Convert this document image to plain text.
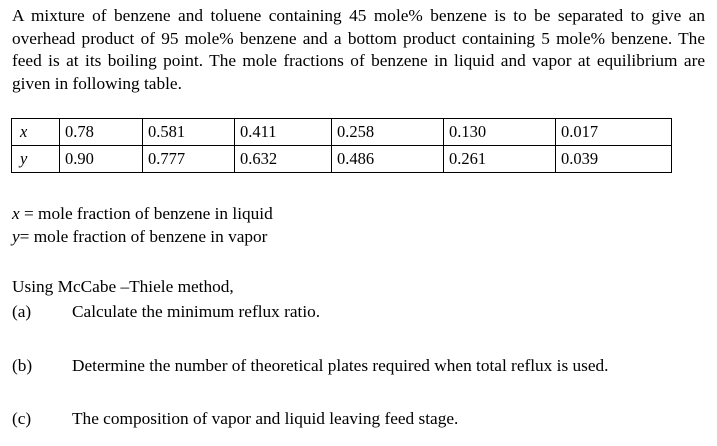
A mixture of benzene and toluene containing 45 mole% benzene is to be separated to give an overhead product of 95 mole% benzene and a bottom product containing 5 mole% benzene. The feed is at its boiling point. The mole fractions of benzene in liquid and vapor at equilibrium are given in following table.

x	0.78	0.581	0.411	0.258	0.130	0.017
y	0.90	0.777	0.632	0.486	0.261	0.039
x = mole fraction of benzene in liquid
y= mole fraction of benzene in vapor
Using McCabe –Thiele method,
(a) Calculate the minimum reflux ratio.
(b) Determine the number of theoretical plates required when total reflux is used.
(c) The composition of vapor and liquid leaving feed stage.
